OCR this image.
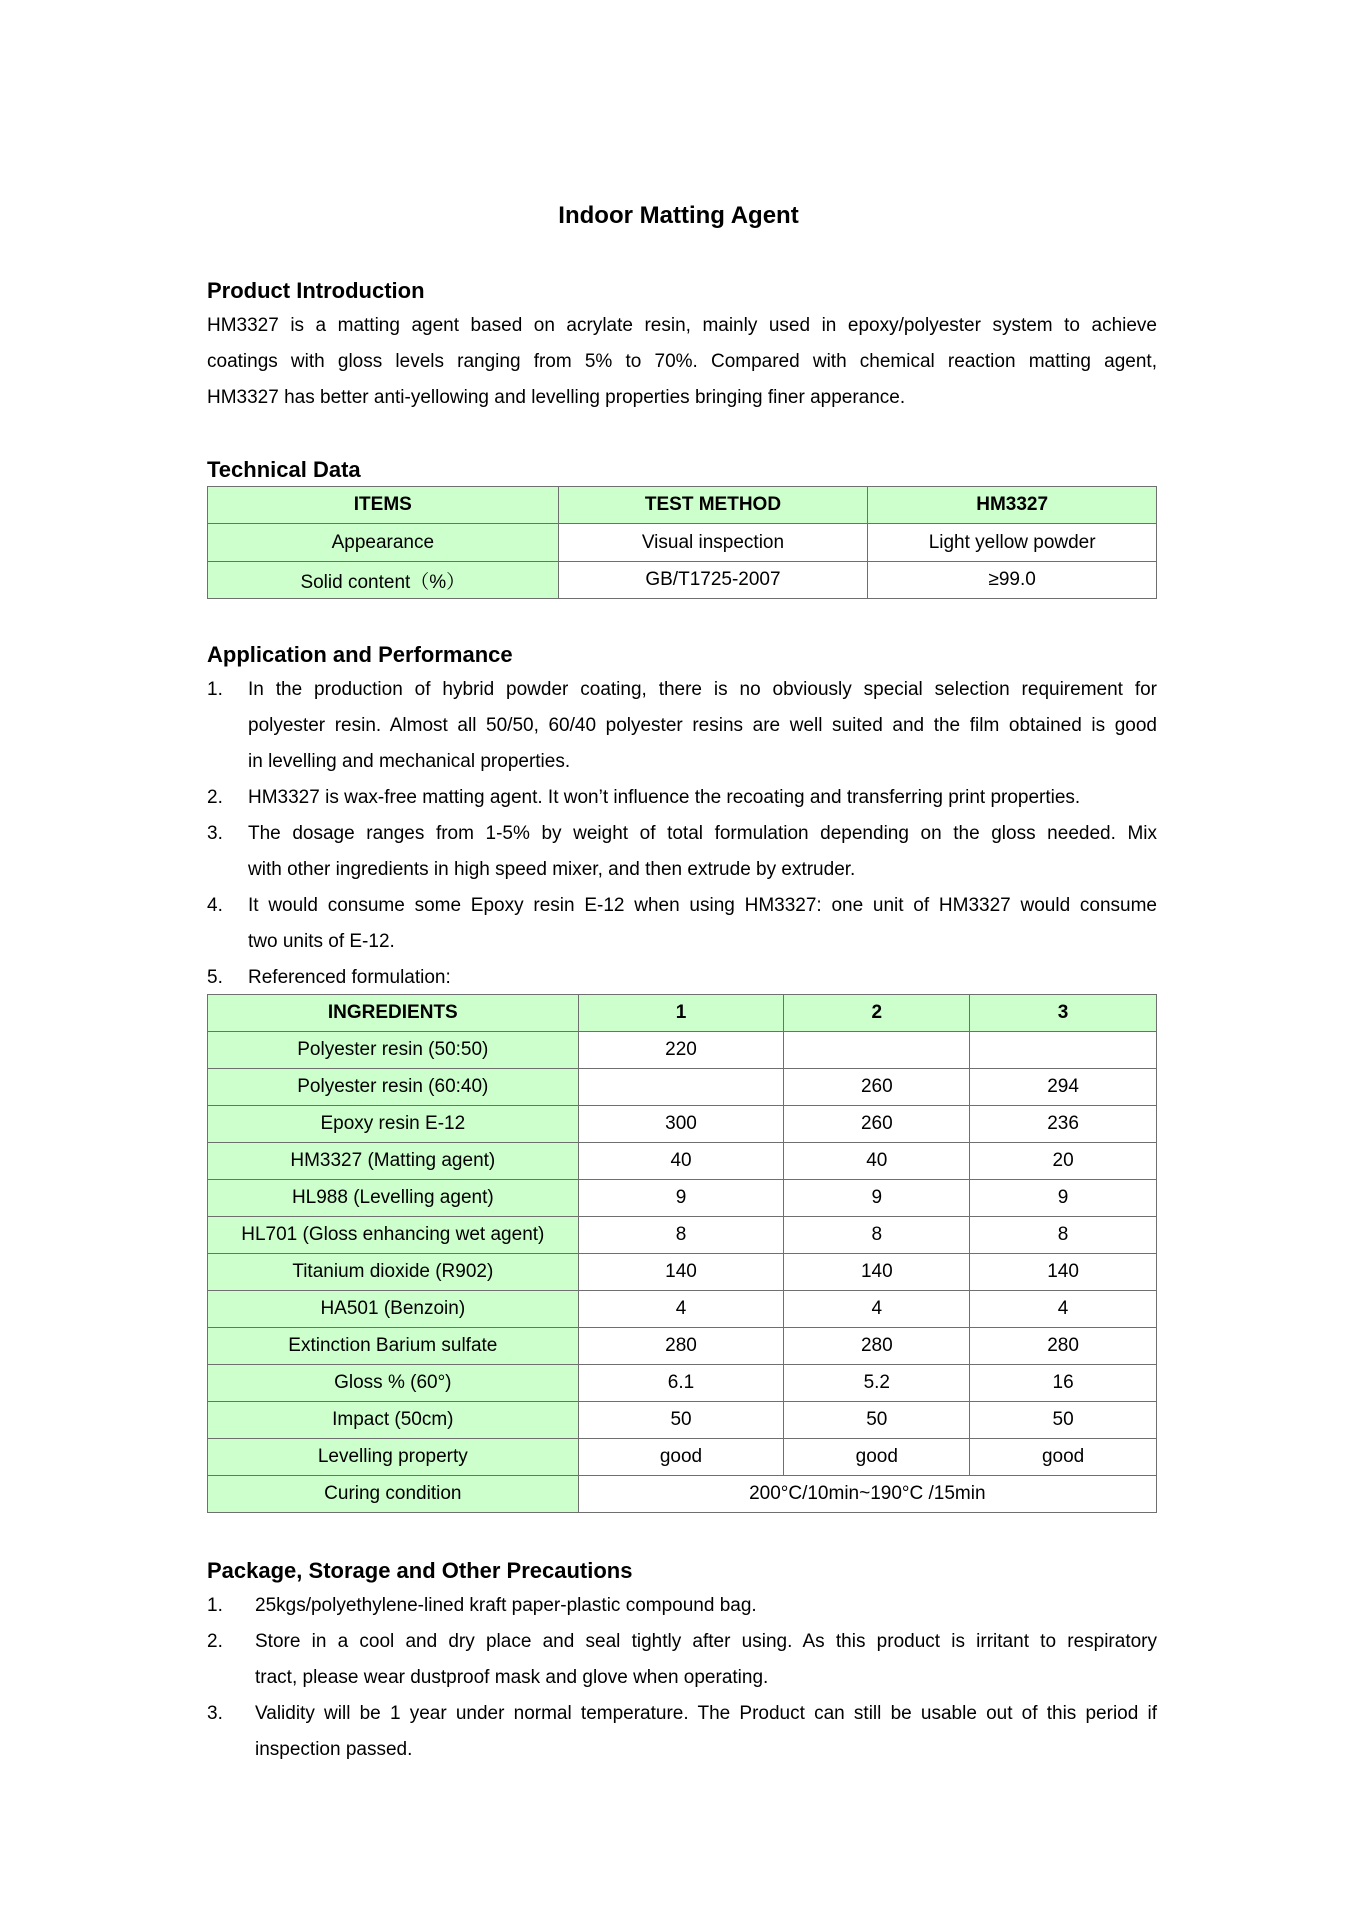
Indoor Matting Agent
Product Introduction
HM3327 is a matting agent based on acrylate resin, mainly used in epoxy/polyester system to achieve
coatings with gloss levels ranging from 5% to 70%. Compared with chemical reaction matting agent,
HM3327 has better anti-yellowing and levelling properties bringing finer apperance.
Technical Data
ITEMS	TEST METHOD	HM3327
Appearance	Visual inspection	Light yellow powder
Solid content（%）	GB/T1725-2007	≥99.0
Application and Performance
1. In the production of hybrid powder coating, there is no obviously special selection requirement for
polyester resin. Almost all 50/50, 60/40 polyester resins are well suited and the film obtained is good
in levelling and mechanical properties.
2. HM3327 is wax-free matting agent. It won’t influence the recoating and transferring print properties.
3. The dosage ranges from 1-5% by weight of total formulation depending on the gloss needed. Mix
with other ingredients in high speed mixer, and then extrude by extruder.
4. It would consume some Epoxy resin E-12 when using HM3327: one unit of HM3327 would consume
two units of E-12.
5. Referenced formulation:
INGREDIENTS	1	2	3
Polyester resin (50:50)	220		
Polyester resin (60:40)		260	294
Epoxy resin E-12	300	260	236
HM3327 (Matting agent)	40	40	20
HL988 (Levelling agent)	9	9	9
HL701 (Gloss enhancing wet agent)	8	8	8
Titanium dioxide (R902)	140	140	140
HA501 (Benzoin)	4	4	4
Extinction Barium sulfate	280	280	280
Gloss % (60°)	6.1	5.2	16
Impact (50cm)	50	50	50
Levelling property	good	good	good
Curing condition	200°C/10min~190°C /15min		
Package, Storage and Other Precautions
1. 25kgs/polyethylene-lined kraft paper-plastic compound bag.
2. Store in a cool and dry place and seal tightly after using. As this product is irritant to respiratory
tract, please wear dustproof mask and glove when operating.
3. Validity will be 1 year under normal temperature. The Product can still be usable out of this period if
inspection passed.
